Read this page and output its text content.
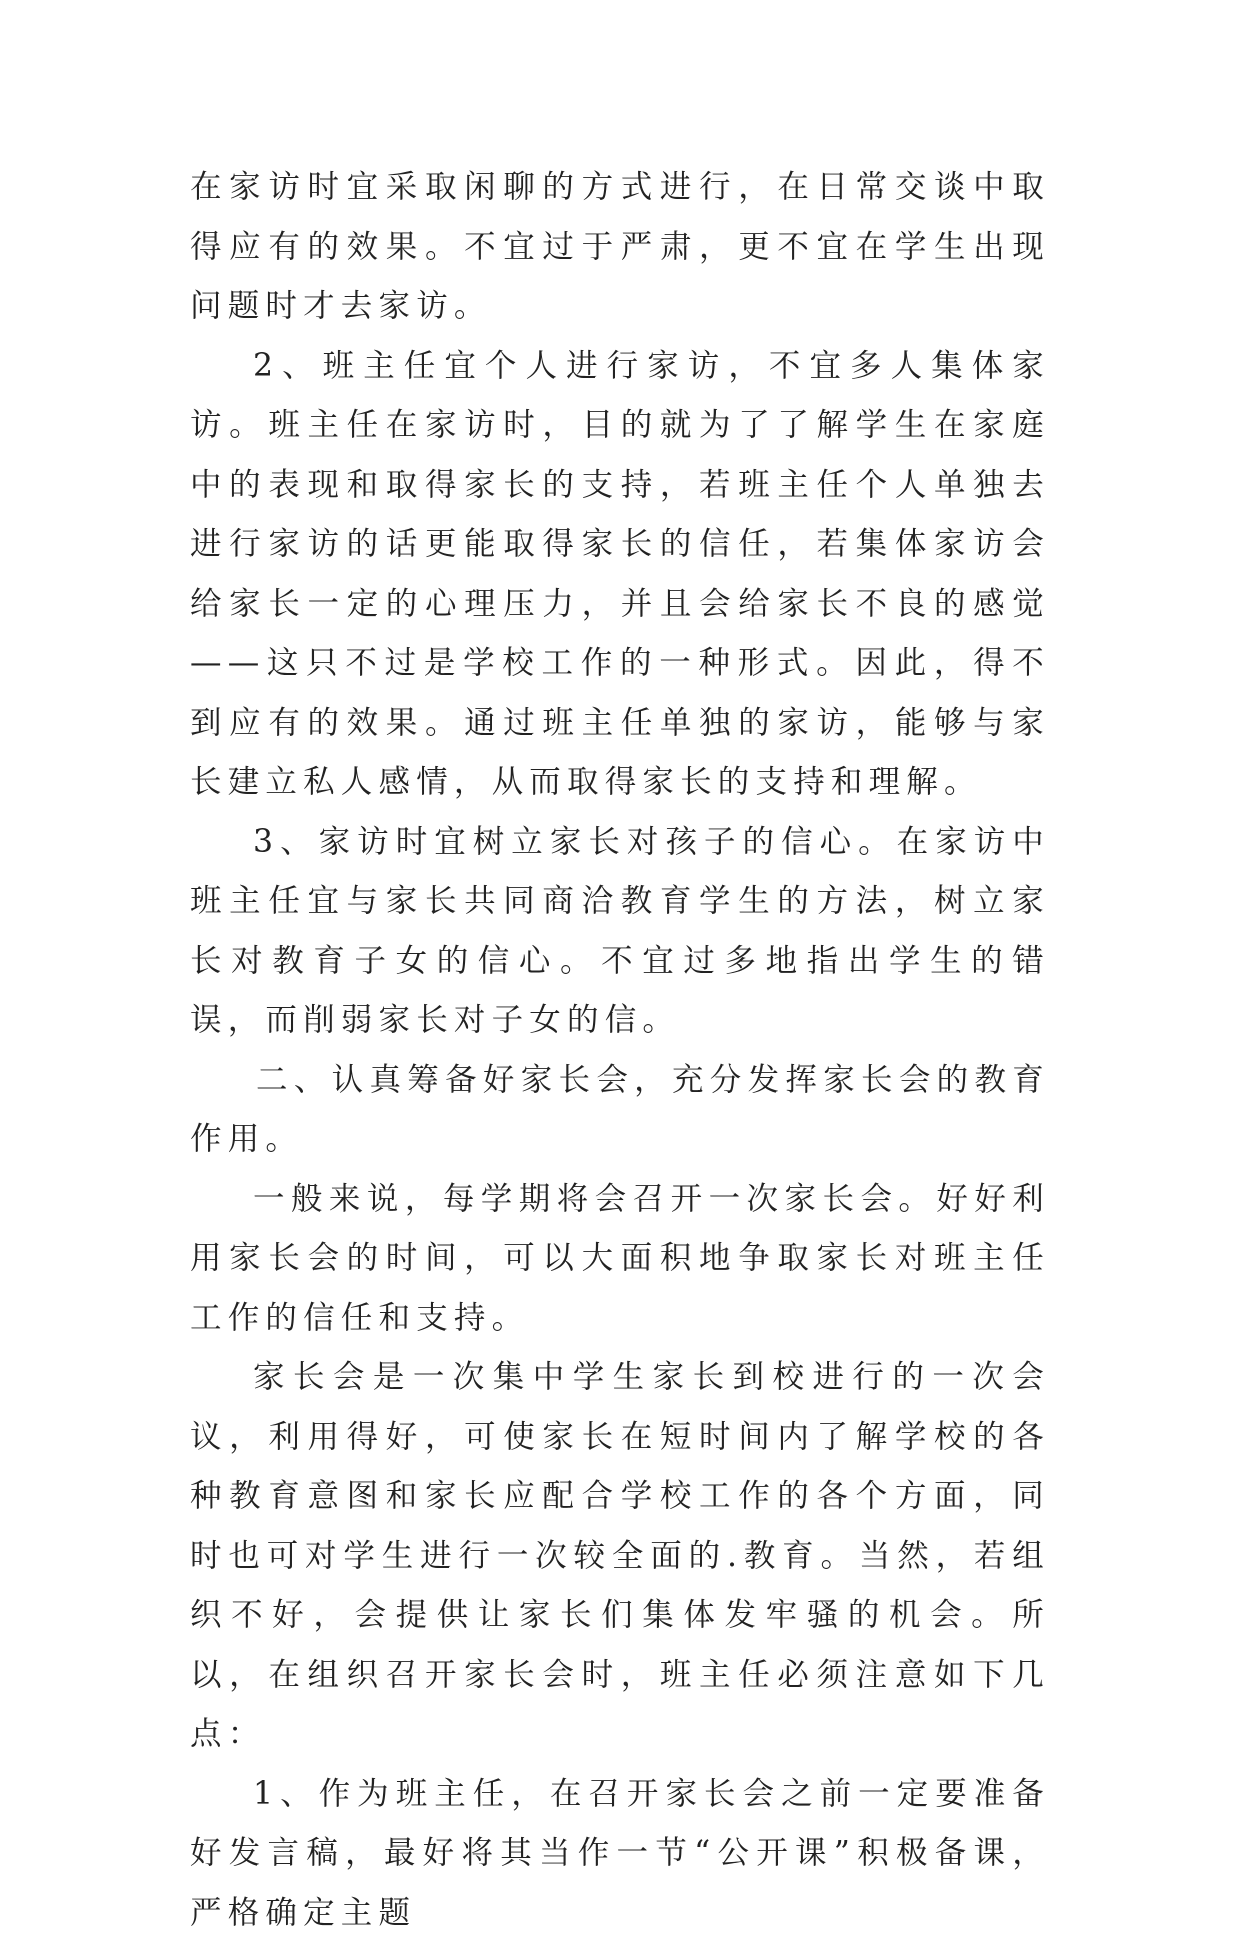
在家访时宜采取闲聊的方式进行，在日常交谈中取得应有的效果。不宜过于严肃，更不宜在学生出现问题时才去家访。

2、班主任宜个人进行家访，不宜多人集体家访。班主任在家访时，目的就为了了解学生在家庭中的表现和取得家长的支持，若班主任个人单独去进行家访的话更能取得家长的信任，若集体家访会给家长一定的心理压力，并且会给家长不良的感觉——这只不过是学校工作的一种形式。因此，得不到应有的效果。通过班主任单独的家访，能够与家长建立私人感情，从而取得家长的支持和理解。

3、家访时宜树立家长对孩子的信心。在家访中班主任宜与家长共同商洽教育学生的方法，树立家长对教育子女的信心。不宜过多地指出学生的错误，而削弱家长对子女的信。

二、认真筹备好家长会，充分发挥家长会的教育作用。

一般来说，每学期将会召开一次家长会。好好利用家长会的时间，可以大面积地争取家长对班主任工作的信任和支持。

家长会是一次集中学生家长到校进行的一次会议，利用得好，可使家长在短时间内了解学校的各种教育意图和家长应配合学校工作的各个方面，同时也可对学生进行一次较全面的.教育。当然，若组织不好，会提供让家长们集体发牢骚的机会。所以，在组织召开家长会时，班主任必须注意如下几点：

1、作为班主任，在召开家长会之前一定要准备好发言稿，最好将其当作一节“公开课”积极备课，严格确定主题
